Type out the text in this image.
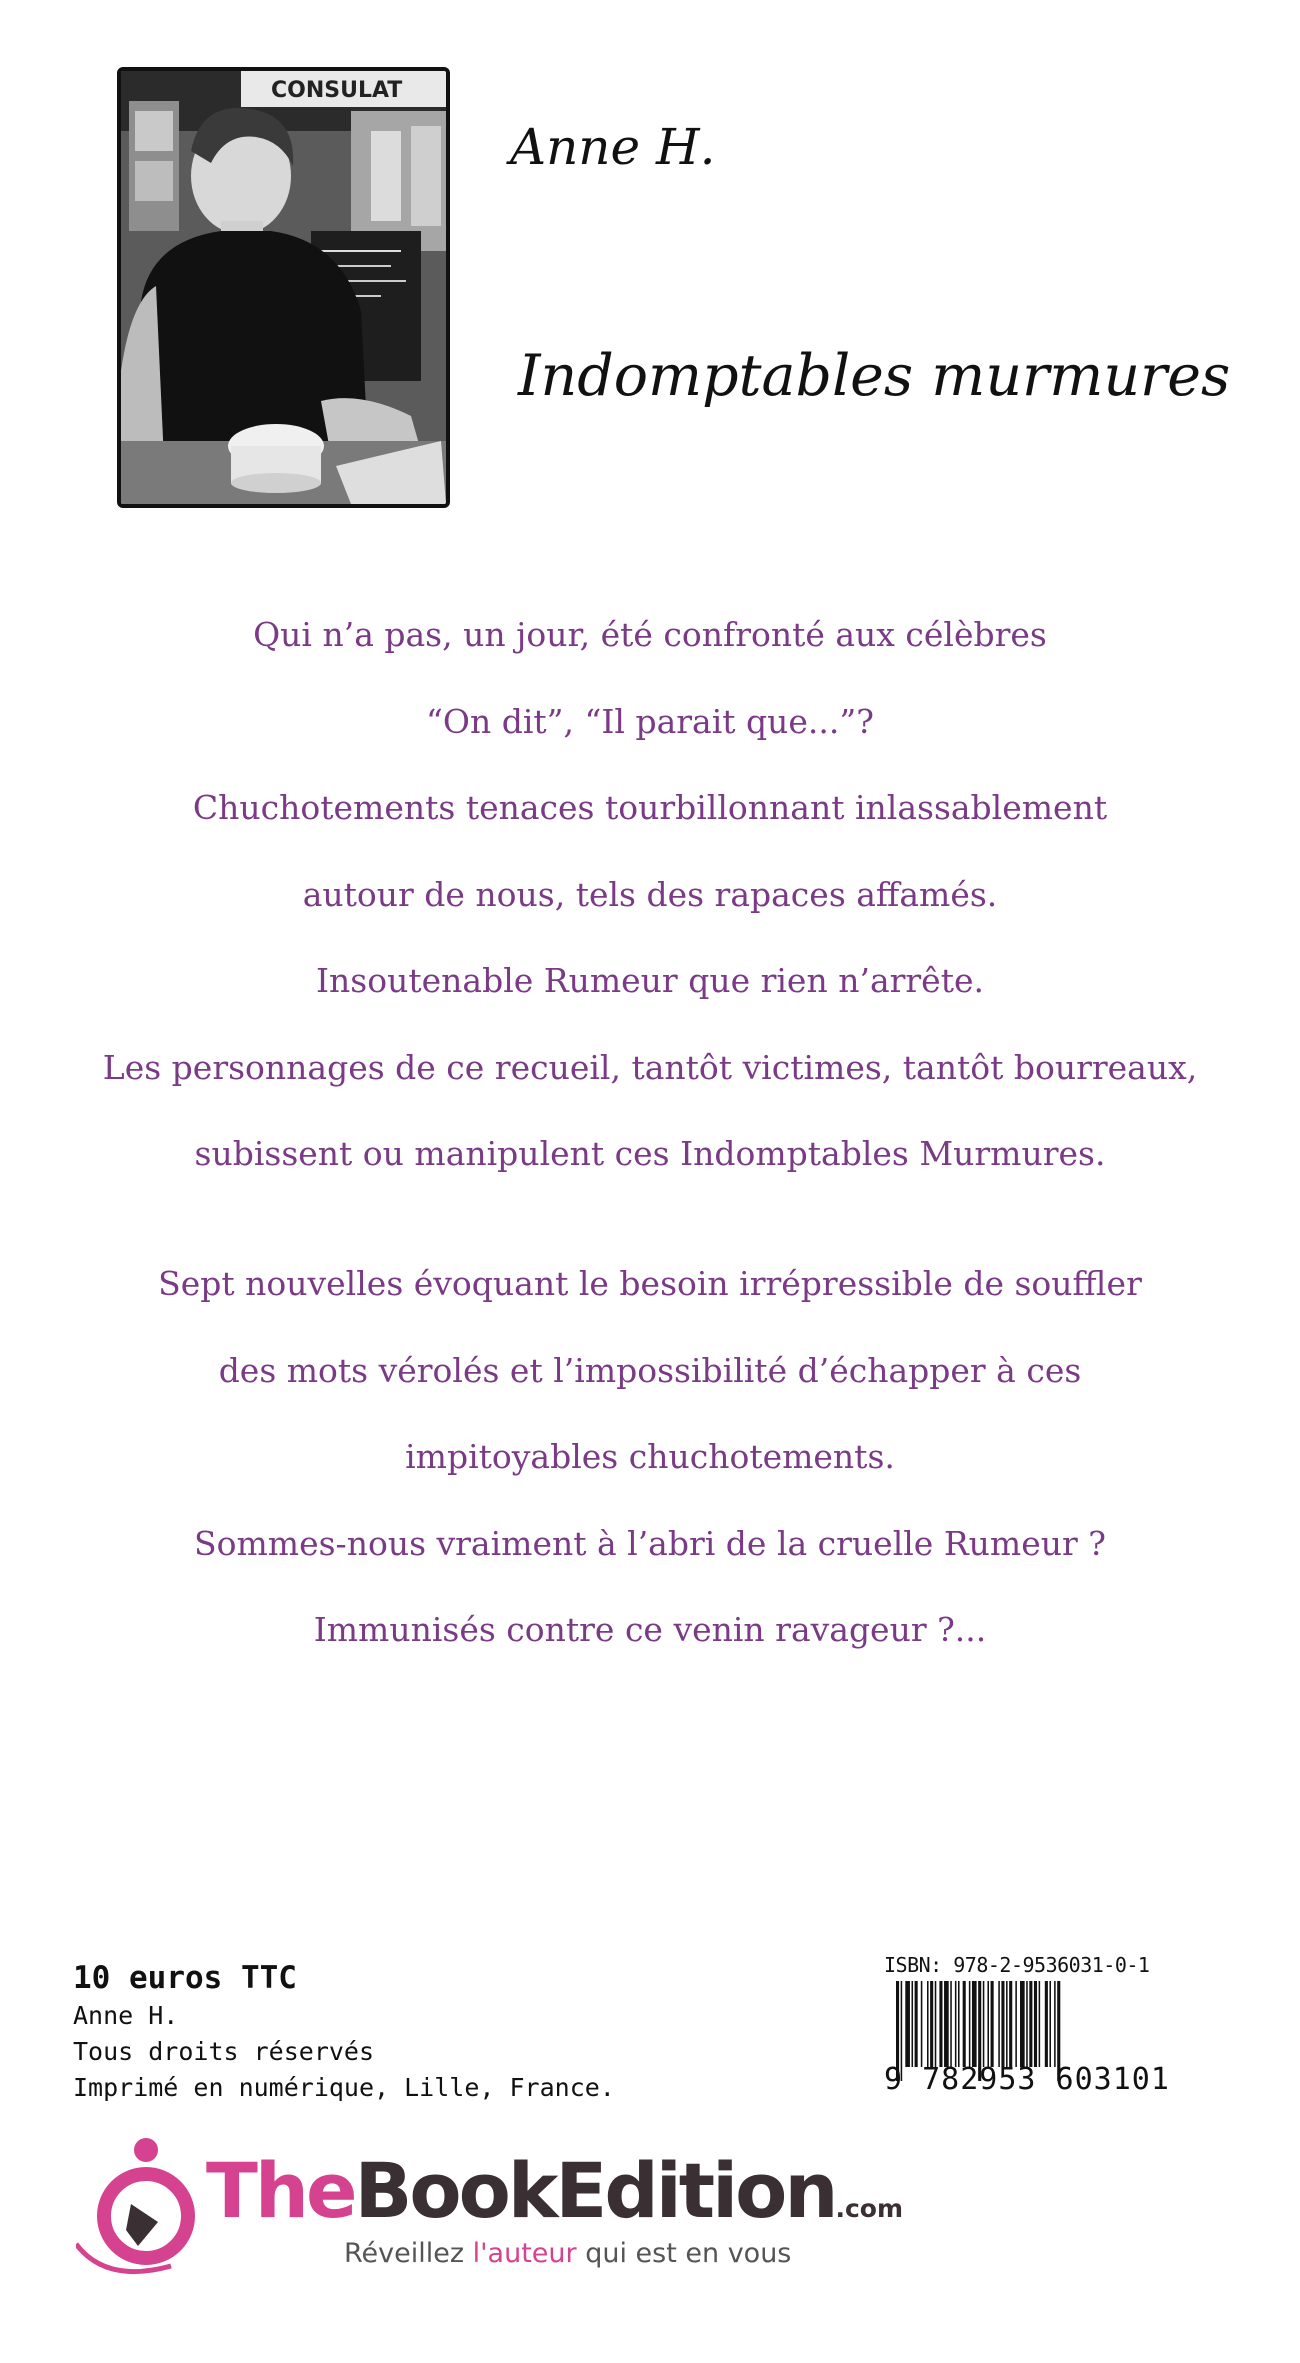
CONSULAT
Anne H.
Indomptables murmures

Qui n’a pas, un jour, été confronté aux célèbres

“On dit”, “Il parait que...”?

Chuchotements tenaces tourbillonnant inlassablement

autour de nous, tels des rapaces affamés.

Insoutenable Rumeur que rien n’arrête.

Les personnages de ce recueil, tantôt victimes, tantôt bourreaux,

subissent ou manipulent ces Indomptables Murmures.

Sept nouvelles évoquant le besoin irrépressible de souffler

des mots vérolés et l’impossibilité d’échapper à ces

impitoyables chuchotements.

Sommes-nous vraiment à l’abri de la cruelle Rumeur ?

Immunisés contre ce venin ravageur ?...

10 euros TTC
Anne H.
Tous droits réservés
Imprimé en numérique, Lille, France.
ISBN: 978-2-9536031-0-1
9 782953 603101
TheBookEdition.com
Réveillez l'auteur qui est en vous
